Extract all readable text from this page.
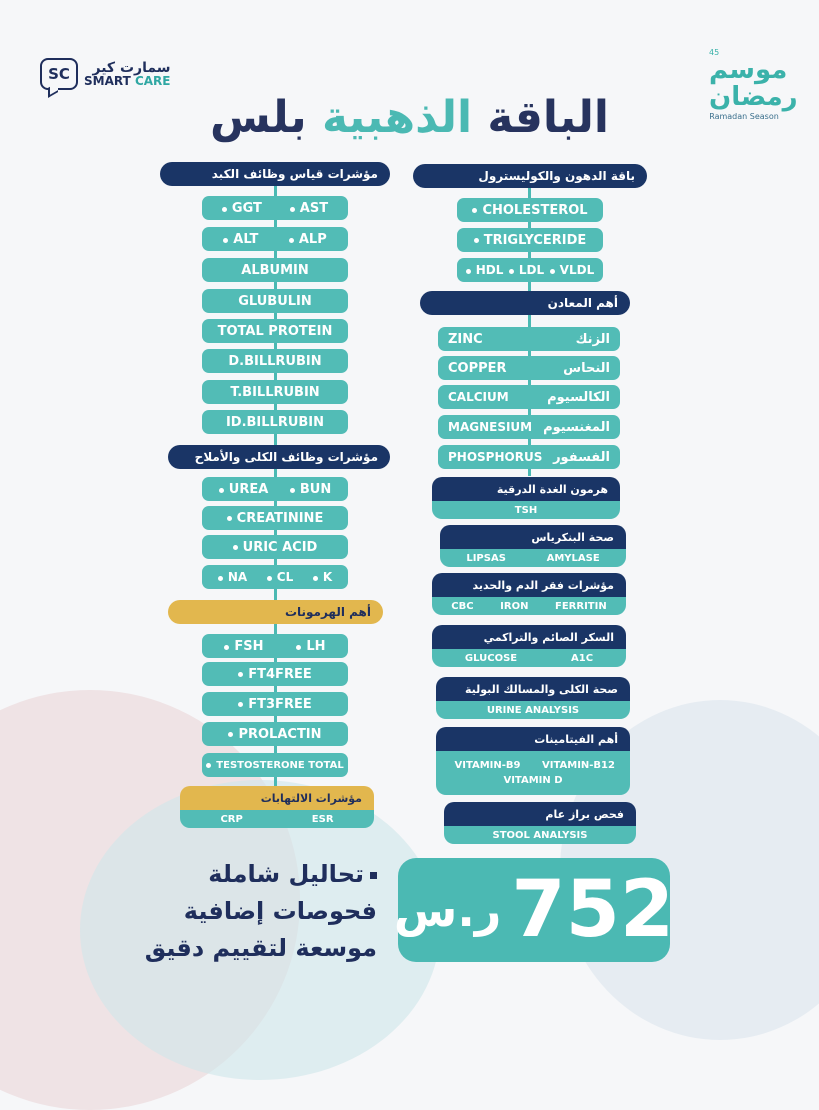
SC	سمارت كير
SMART CARE
45
موسم
رمضان
Ramadan Season
الباقة الذهبية بلس
مؤشرات قياس وظائف الكبد
GGT	AST
ALT	ALP
ALBUMIN
GLUBULIN
TOTAL PROTEIN
D.BILLRUBIN
T.BILLRUBIN
ID.BILLRUBIN
مؤشرات وظائف الكلى والأملاح
UREA	BUN
CREATININE
URIC ACID
NA	CL	K
أهم الهرمونات
FSH	LH
FT4FREE
FT3FREE
PROLACTIN
TESTOSTERONE TOTAL
مؤشرات الالتهابات
CRP	ESR
باقة الدهون والكوليسترول
CHOLESTEROL
TRIGLYCERIDE
HDL	LDL	VLDL
أهم المعادن
ZINC	الزنك
COPPER	النحاس
CALCIUM	الكالسيوم
MAGNESIUM المغنسيوم
PHOSPHORUS الفسفور
هرمون الغدة الدرقية
TSH
صحة البنكرياس
LIPSAS	AMYLASE
مؤشرات فقر الدم والحديد
CBC	IRON	FERRITIN
السكر الصائم والتراكمي
GLUCOSE	A1C
صحة الكلى والمسالك البولية
URINE ANALYSIS
أهم الفيتامينات
VITAMIN-B9	VITAMIN-B12
VITAMIN D
فحص براز عام
STOOL ANALYSIS
تحاليل شاملة
فحوصات إضافية
موسعة لتقييم دقيق
ر.س 752
